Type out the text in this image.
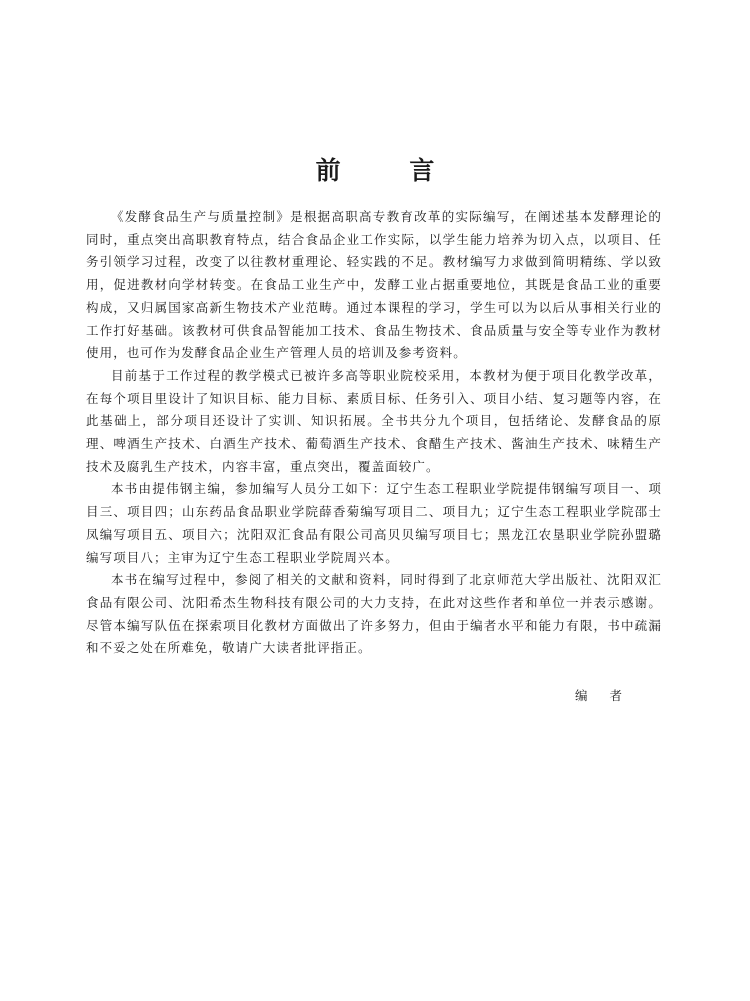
前 言

《发酵食品生产与质量控制》是根据高职高专教育改革的实际编写，在阐述基本发酵理论的同时，重点突出高职教育特点，结合食品企业工作实际，以学生能力培养为切入点，以项目、任务引领学习过程，改变了以往教材重理论、轻实践的不足。教材编写力求做到简明精练、学以致用，促进教材向学材转变。在食品工业生产中，发酵工业占据重要地位，其既是食品工业的重要构成，又归属国家高新生物技术产业范畴。通过本课程的学习，学生可以为以后从事相关行业的工作打好基础。该教材可供食品智能加工技术、食品生物技术、食品质量与安全等专业作为教材使用，也可作为发酵食品企业生产管理人员的培训及参考资料。

目前基于工作过程的教学模式已被许多高等职业院校采用，本教材为便于项目化教学改革，在每个项目里设计了知识目标、能力目标、素质目标、任务引入、项目小结、复习题等内容，在此基础上，部分项目还设计了实训、知识拓展。全书共分九个项目，包括绪论、发酵食品的原理、啤酒生产技术、白酒生产技术、葡萄酒生产技术、食醋生产技术、酱油生产技术、味精生产技术及腐乳生产技术，内容丰富，重点突出，覆盖面较广。

本书由提伟钢主编，参加编写人员分工如下：辽宁生态工程职业学院提伟钢编写项目一、项目三、项目四；山东药品食品职业学院薛香菊编写项目二、项目九；辽宁生态工程职业学院邵士凤编写项目五、项目六；沈阳双汇食品有限公司高贝贝编写项目七；黑龙江农垦职业学院孙盟璐编写项目八；主审为辽宁生态工程职业学院周兴本。

本书在编写过程中，参阅了相关的文献和资料，同时得到了北京师范大学出版社、沈阳双汇食品有限公司、沈阳希杰生物科技有限公司的大力支持，在此对这些作者和单位一并表示感谢。尽管本编写队伍在探索项目化教材方面做出了许多努力，但由于编者水平和能力有限，书中疏漏和不妥之处在所难免，敬请广大读者批评指正。

编者
